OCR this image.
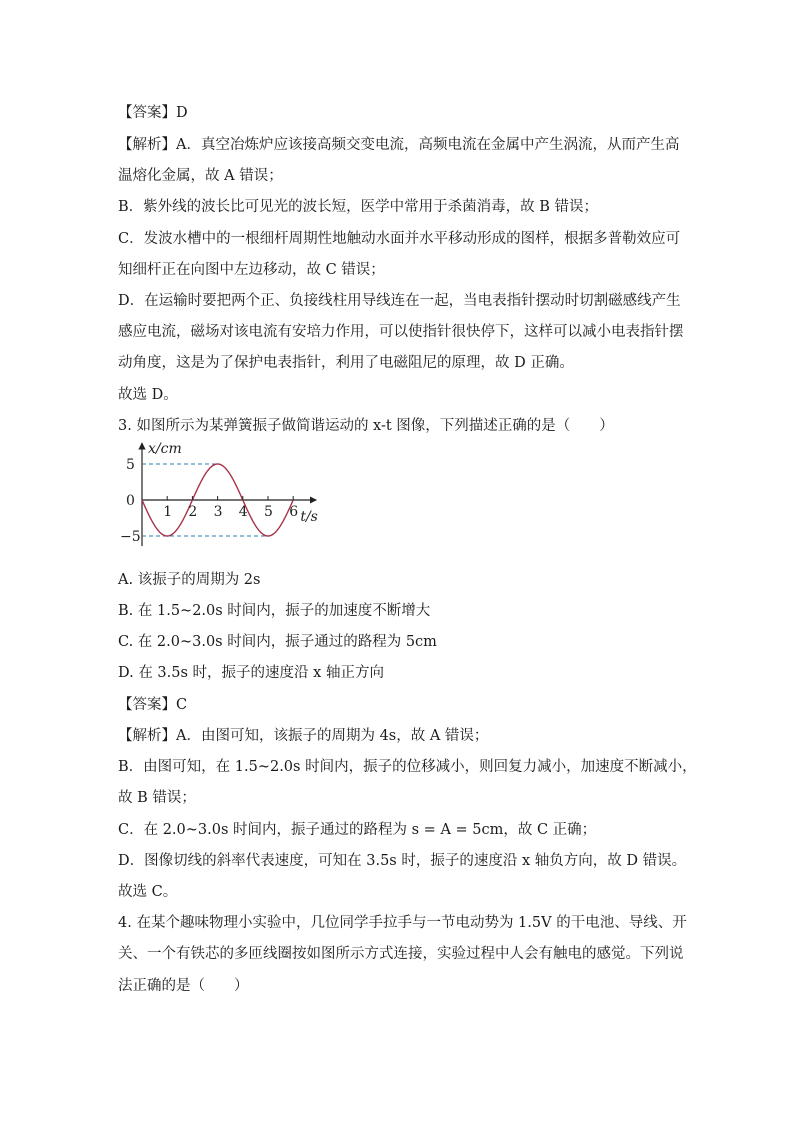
【答案】D
【解析】A．真空冶炼炉应该接高频交变电流，高频电流在金属中产生涡流，从而产生高
温熔化金属，故 A 错误；
B．紫外线的波长比可见光的波长短，医学中常用于杀菌消毒，故 B 错误；
C．发波水槽中的一根细杆周期性地触动水面并水平移动形成的图样，根据多普勒效应可
知细杆正在向图中左边移动，故 C 错误；
D．在运输时要把两个正、负接线柱用导线连在一起，当电表指针摆动时切割磁感线产生
感应电流，磁场对该电流有安培力作用，可以使指针很快停下，这样可以减小电表指针摆
动角度，这是为了保护电表指针，利用了电磁阻尼的原理，故 D 正确。
故选 D。
3. 如图所示为某弹簧振子做简谐运动的 x-t 图像，下列描述正确的是（　　）
1 2 3 4 5 6
5
0
−5
x/cm
t/s
A. 该振子的周期为 2s
B. 在 1.5~2.0s 时间内，振子的加速度不断增大
C. 在 2.0~3.0s 时间内，振子通过的路程为 5cm
D. 在 3.5s 时，振子的速度沿 x 轴正方向
【答案】C
【解析】A．由图可知，该振子的周期为 4s，故 A 错误；
B．由图可知，在 1.5~2.0s 时间内，振子的位移减小，则回复力减小，加速度不断减小，
故 B 错误；
C．在 2.0~3.0s 时间内，振子通过的路程为 s = A = 5cm，故 C 正确；
D．图像切线的斜率代表速度，可知在 3.5s 时，振子的速度沿 x 轴负方向，故 D 错误。
故选 C。
4. 在某个趣味物理小实验中，几位同学手拉手与一节电动势为 1.5V 的干电池、导线、开
关、一个有铁芯的多匝线圈按如图所示方式连接，实验过程中人会有触电的感觉。下列说
法正确的是（　　）
